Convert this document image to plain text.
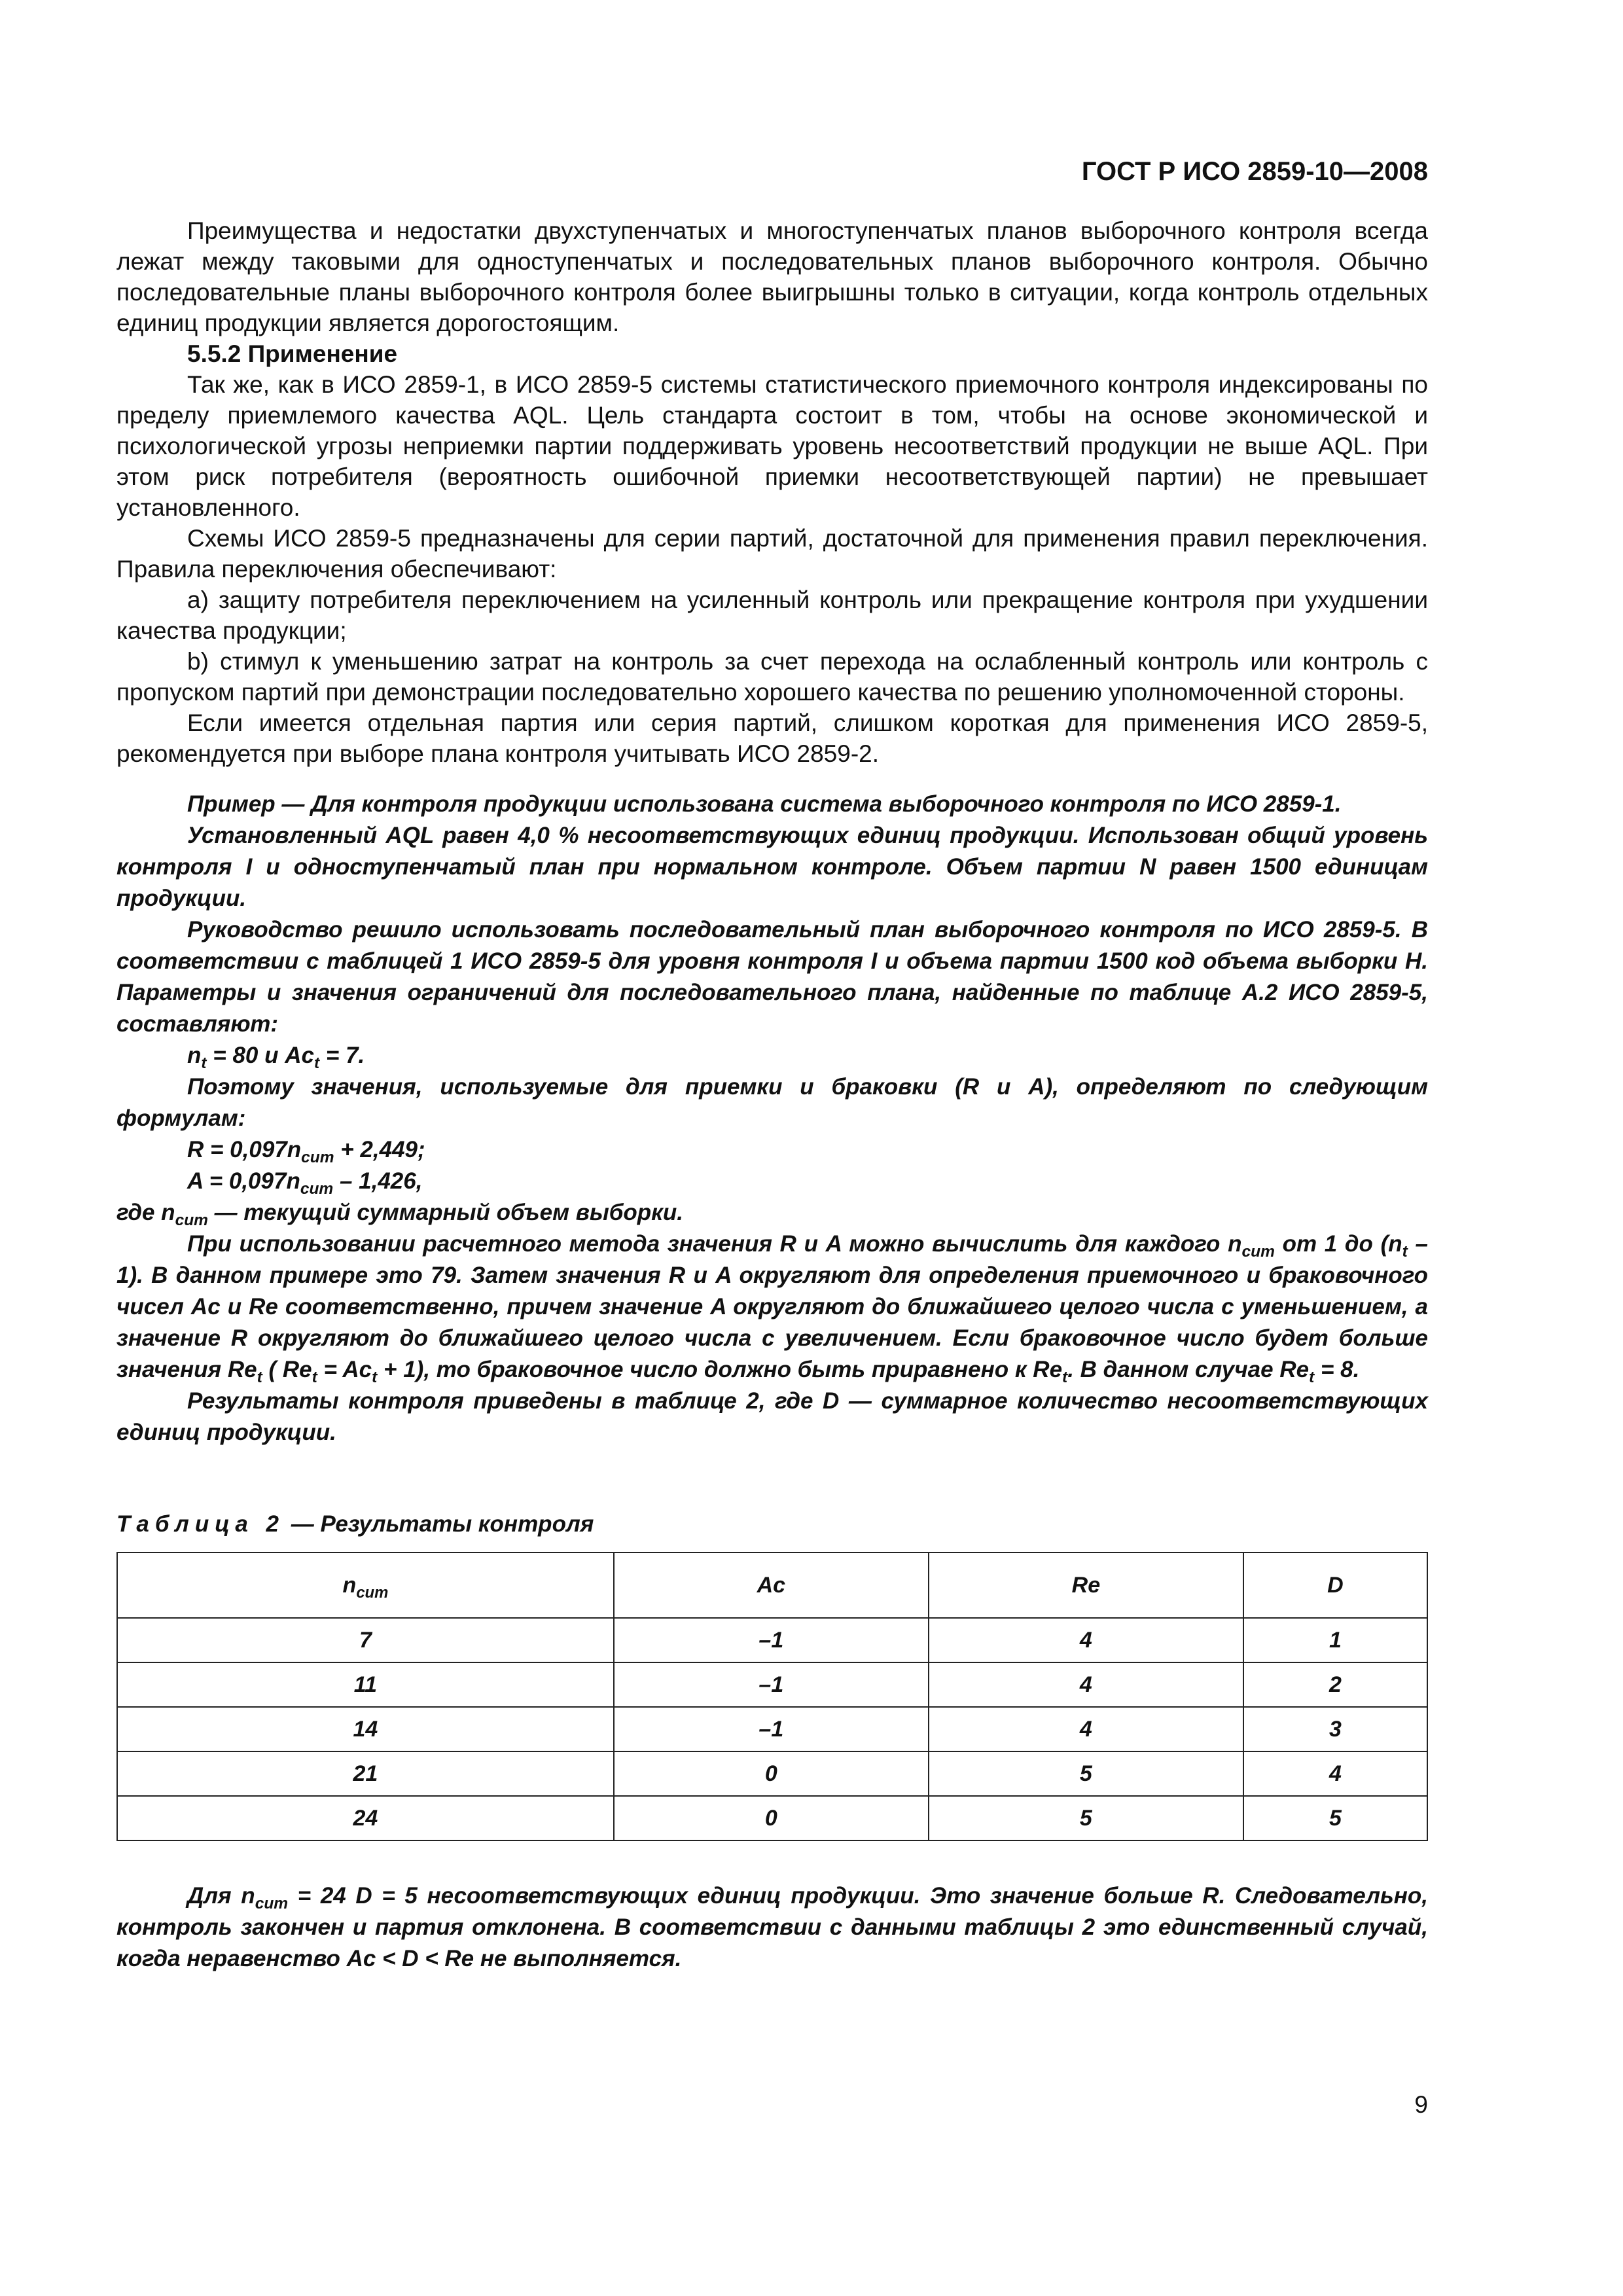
ГОСТ Р ИСО 2859-10—2008

Преимущества и недостатки двухступенчатых и многоступенчатых планов выборочного контроля всегда лежат между таковыми для одноступенчатых и последовательных планов выборочного контроля. Обычно последовательные планы выборочного контроля более выигрышны только в ситуации, когда контроль отдельных единиц продукции является дорогостоящим.

5.5.2 Применение

Так же, как в ИСО 2859-1, в ИСО 2859-5 системы статистического приемочного контроля индексированы по пределу приемлемого качества AQL. Цель стандарта состоит в том, чтобы на основе экономической и психологической угрозы неприемки партии поддерживать уровень несоответствий продукции не выше AQL. При этом риск потребителя (вероятность ошибочной приемки несоответствующей партии) не превышает установленного.

Схемы ИСО 2859-5 предназначены для серии партий, достаточной для применения правил переключения. Правила переключения обеспечивают:

a) защиту потребителя переключением на усиленный контроль или прекращение контроля при ухудшении качества продукции;

b) стимул к уменьшению затрат на контроль за счет перехода на ослабленный контроль или контроль с пропуском партий при демонстрации последовательно хорошего качества по решению уполномоченной стороны.

Если имеется отдельная партия или серия партий, слишком короткая для применения ИСО 2859-5, рекомендуется при выборе плана контроля учитывать ИСО 2859-2.

Пример — Для контроля продукции использована система выборочного контроля по ИСО 2859-1.

Установленный AQL равен 4,0 % несоответствующих единиц продукции. Использован общий уровень контроля I и одноступенчатый план при нормальном контроле. Объем партии N равен 1500 единицам продукции.

Руководство решило использовать последовательный план выборочного контроля по ИСО 2859-5. В соответствии с таблицей 1 ИСО 2859-5 для уровня контроля I и объема партии 1500 код объема выборки H. Параметры и значения ограничений для последовательного плана, найденные по таблице А.2 ИСО 2859-5, составляют:

$n_t = 80$ и $Ac_t = 7$.

Поэтому значения, используемые для приемки и браковки (R и A), определяют по следующим формулам:

$R = 0,097n_{cum} + 2,449$;

$A = 0,097n_{cum} - 1,426$,

где $n_{cum}$ — текущий суммарный объем выборки.

При использовании расчетного метода значения R и A можно вычислить для каждого $n_{cum}$ от 1 до $(n_t - 1)$. В данном примере это 79. Затем значения R и A округляют для определения приемочного и браковочного чисел Ac и Re соответственно, причем значение A округляют до ближайшего целого числа с уменьшением, а значение R округляют до ближайшего целого числа с увеличением. Если браковочное число будет больше значения $Re_t$ ( $Re_t = Ac_t + 1$), то браковочное число должно быть приравнено к $Re_t$. В данном случае $Re_t = 8$.

Результаты контроля приведены в таблице 2, где D — суммарное количество несоответствующих единиц продукции.

Таблица 2 — Результаты контроля
$n_{cum}$	Ac	Re	D
7	–1	4	1
11	–1	4	2
14	–1	4	3
21	0	5	4
24	0	5	5

Для $n_{cum} = 24$ D = 5 несоответствующих единиц продукции. Это значение больше R. Следовательно, контроль закончен и партия отклонена. В соответствии с данными таблицы 2 это единственный случай, когда неравенство Ac < D < Re не выполняется.

9
